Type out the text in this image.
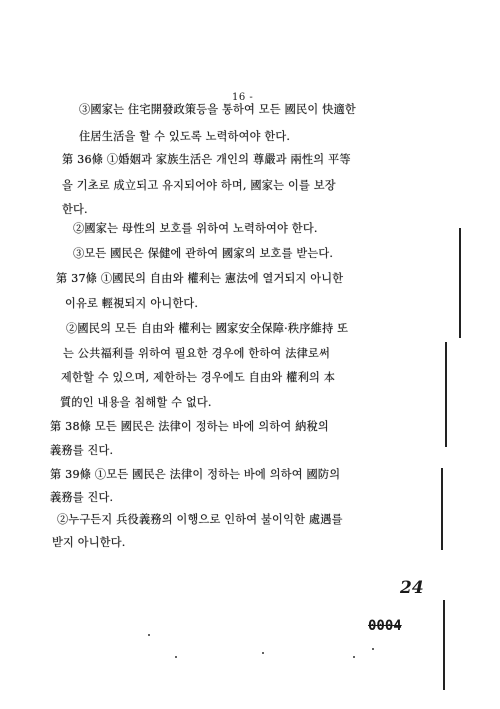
16 -
③國家는 住宅開發政策등을 통하여 모든 國民이 快適한
住居生活을 할 수 있도록 노력하여야 한다.
第 36條 ①婚姻과 家族生活은 개인의 尊嚴과 兩性의 平等
을 기초로 成立되고 유지되어야 하며, 國家는 이를 보장
한다.
②國家는 母性의 보호를 위하여 노력하여야 한다.
③모든 國民은 保健에 관하여 國家의 보호를 받는다.
第 37條 ①國民의 自由와 權利는 憲法에 열거되지 아니한
이유로 輕視되지 아니한다.
②國民의 모든 自由와 權利는 國家安全保障·秩序維持 또
는 公共福利를 위하여 필요한 경우에 한하여 法律로써
제한할 수 있으며, 제한하는 경우에도 自由와 權利의 本
質的인 내용을 침해할 수 없다.
第 38條 모든 國民은 法律이 정하는 바에 의하여 納稅의
義務를 진다.
第 39條 ①모든 國民은 法律이 정하는 바에 의하여 國防의
義務를 진다.
②누구든지 兵役義務의 이행으로 인하여 불이익한 處遇를
받지 아니한다.
24
0004
